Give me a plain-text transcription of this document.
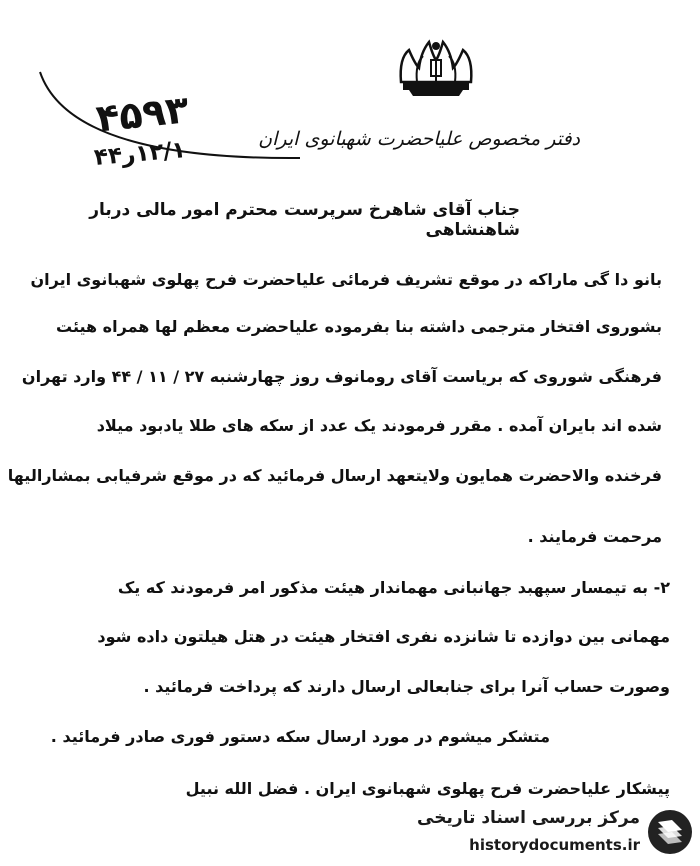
دفتر مخصوص علیاحضرت شهبانوی ایران
۴۵۹۳
۱۲/۱ر۴۴
جناب آقای شاهرخ سرپرست محترم امور مالی دربار شاهنشاهی
بانو دا گی ماراکه در موقع تشریف فرمائی علیاحضرت فرح پهلوی شهبانوی ایران
بشوروی افتخار مترجمی داشته بنا بفرموده علیاحضرت معظم لها همراه هیئت
فرهنگی شوروی که بریاست آقای رومانوف روز چهارشنبه ۲۷ / ۱۱ / ۴۴ وارد تهران
شده اند بایران آمده . مقرر فرمودند یک عدد از سکه های طلا یادبود میلاد
فرخنده والاحضرت همایون ولایتعهد ارسال فرمائید که در موقع شرفیابی بمشارالیها
مرحمت فرمایند .
۲- به تیمسار سپهبد جهانبانی مهماندار هیئت مذکور امر فرمودند که یک
مهمانی بین دوازده تا شانزده نفری افتخار هیئت در هتل هیلتون داده شود
وصورت حساب آنرا برای جنابعالی ارسال دارند که پرداخت فرمائید .
متشکر میشوم در مورد ارسال سکه دستور فوری صادر فرمائید .
پیشکار علیاحضرت فرح پهلوی شهبانوی ایران . فضل الله نبیل
مرکز بررسی اسناد تاریخی
historydocuments.ir
